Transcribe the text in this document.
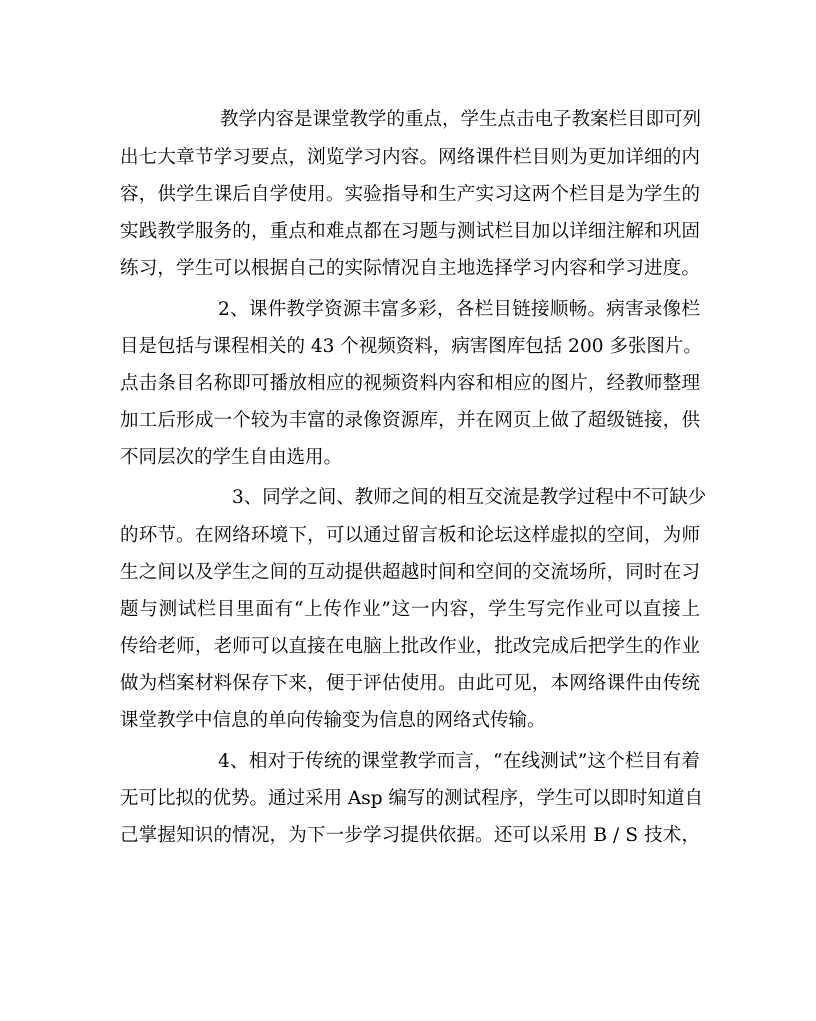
教学内容是课堂教学的重点，学生点击电子教案栏目即可列
出七大章节学习要点，浏览学习内容。网络课件栏目则为更加详细的内
容，供学生课后自学使用。实验指导和生产实习这两个栏目是为学生的
实践教学服务的，重点和难点都在习题与测试栏目加以详细注解和巩固
练习，学生可以根据自己的实际情况自主地选择学习内容和学习进度。
2、课件教学资源丰富多彩，各栏目链接顺畅。病害录像栏
目是包括与课程相关的 43 个视频资料，病害图库包括 200 多张图片。
点击条目名称即可播放相应的视频资料内容和相应的图片，经教师整理
加工后形成一个较为丰富的录像资源库，并在网页上做了超级链接，供
不同层次的学生自由选用。
3、同学之间、教师之间的相互交流是教学过程中不可缺少
的环节。在网络环境下，可以通过留言板和论坛这样虚拟的空间，为师
生之间以及学生之间的互动提供超越时间和空间的交流场所，同时在习
题与测试栏目里面有“上传作业”这一内容，学生写完作业可以直接上
传给老师，老师可以直接在电脑上批改作业，批改完成后把学生的作业
做为档案材料保存下来，便于评估使用。由此可见，本网络课件由传统
课堂教学中信息的单向传输变为信息的网络式传输。
4、相对于传统的课堂教学而言，“在线测试”这个栏目有着
无可比拟的优势。通过采用 Asp 编写的测试程序，学生可以即时知道自
己掌握知识的情况，为下一步学习提供依据。还可以采用 B / S 技术，
